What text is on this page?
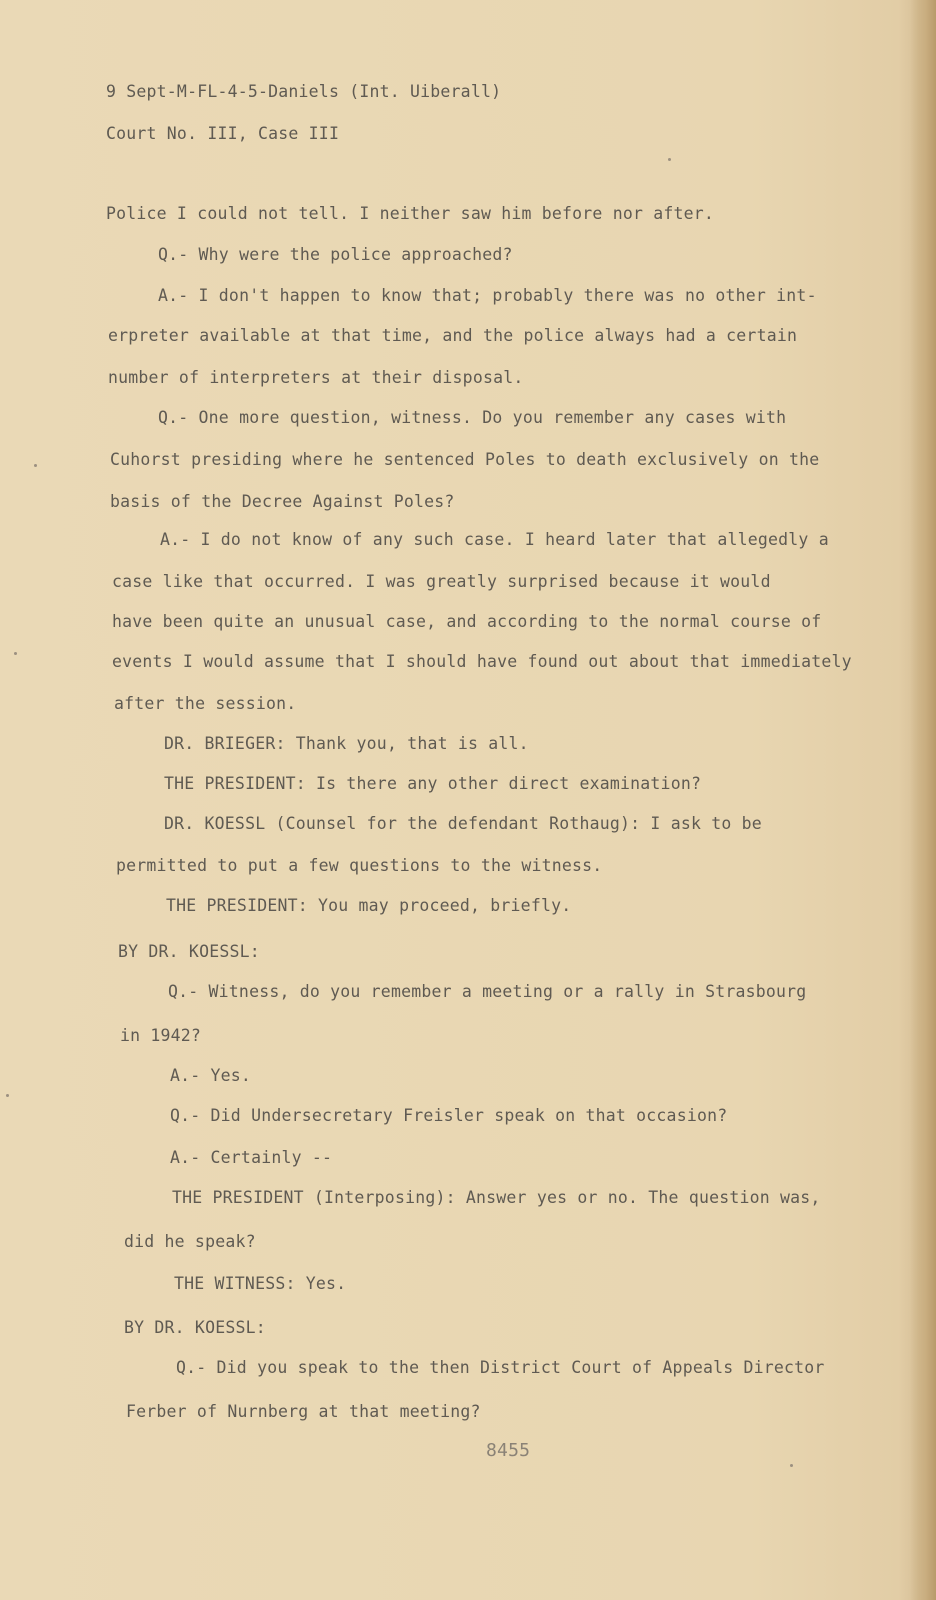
9 Sept-M-FL-4-5-Daniels (Int. Uiberall)
Court No. III, Case III
Police I could not tell. I neither saw him before nor after.
Q.- Why were the police approached?
A.- I don't happen to know that; probably there was no other int-
erpreter available at that time, and the police always had a certain
number of interpreters at their disposal.
Q.- One more question, witness. Do you remember any cases with
Cuhorst presiding where he sentenced Poles to death exclusively on the
basis of the Decree Against Poles?
A.- I do not know of any such case. I heard later that allegedly a
case like that occurred. I was greatly surprised because it would
have been quite an unusual case, and according to the normal course of
events I would assume that I should have found out about that immediately
after the session.
DR. BRIEGER: Thank you, that is all.
THE PRESIDENT: Is there any other direct examination?
DR. KOESSL (Counsel for the defendant Rothaug): I ask to be
permitted to put a few questions to the witness.
THE PRESIDENT: You may proceed, briefly.
BY DR. KOESSL:
Q.- Witness, do you remember a meeting or a rally in Strasbourg
in 1942?
A.- Yes.
Q.- Did Undersecretary Freisler speak on that occasion?
A.- Certainly --
THE PRESIDENT (Interposing): Answer yes or no. The question was,
did he speak?
THE WITNESS: Yes.
BY DR. KOESSL:
Q.- Did you speak to the then District Court of Appeals Director
Ferber of Nurnberg at that meeting?
8455
